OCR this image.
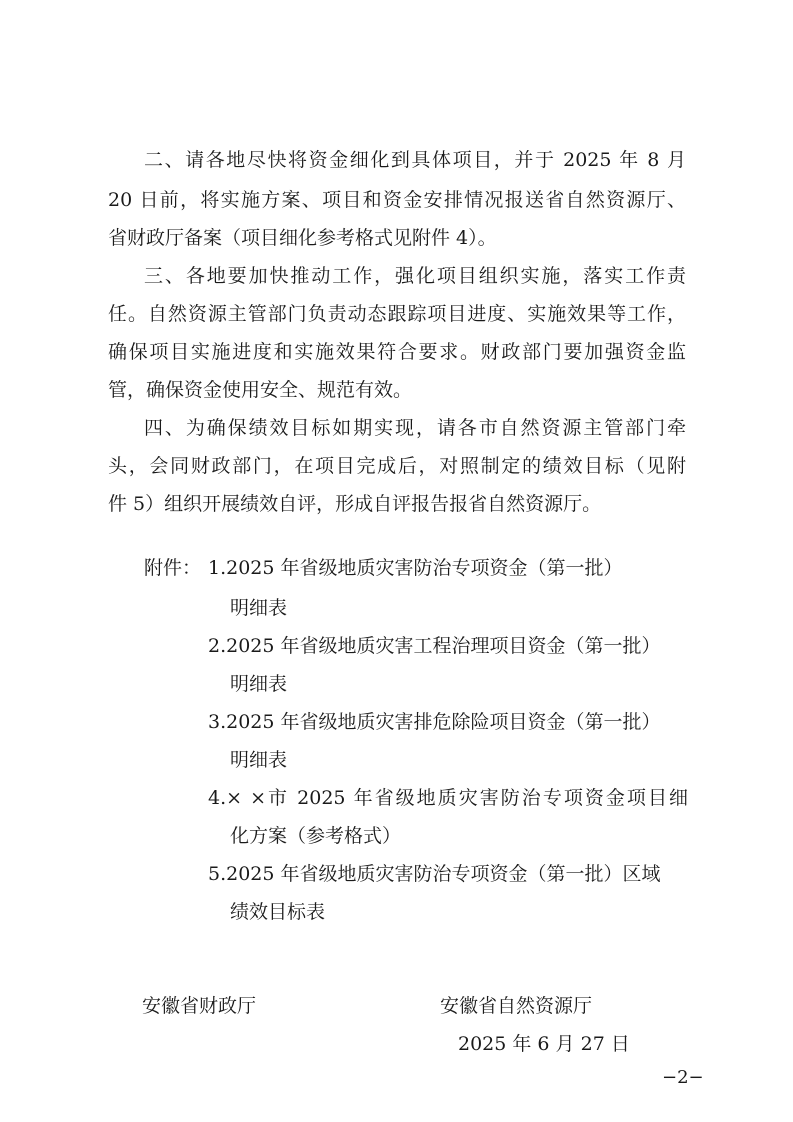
二、请各地尽快将资金细化到具体项目，并于 2025 年 8 月
20 日前，将实施方案、项目和资金安排情况报送省自然资源厅、
省财政厅备案（项目细化参考格式见附件 4）。
三、各地要加快推动工作，强化项目组织实施，落实工作责
任。自然资源主管部门负责动态跟踪项目进度、实施效果等工作，
确保项目实施进度和实施效果符合要求。财政部门要加强资金监
管，确保资金使用安全、规范有效。
四、为确保绩效目标如期实现，请各市自然资源主管部门牵
头，会同财政部门，在项目完成后，对照制定的绩效目标（见附
件 5）组织开展绩效自评，形成自评报告报省自然资源厅。
附件： 1.2025 年省级地质灾害防治专项资金（第一批）
明细表
2.2025 年省级地质灾害工程治理项目资金（第一批）
明细表
3.2025 年省级地质灾害排危除险项目资金（第一批）
明细表
4.× ×市 2025 年省级地质灾害防治专项资金项目细
化方案（参考格式）
5.2025 年省级地质灾害防治专项资金（第一批）区域
绩效目标表
安徽省财政厅	安徽省自然资源厅
2025 年 6 月 27 日
−2−
